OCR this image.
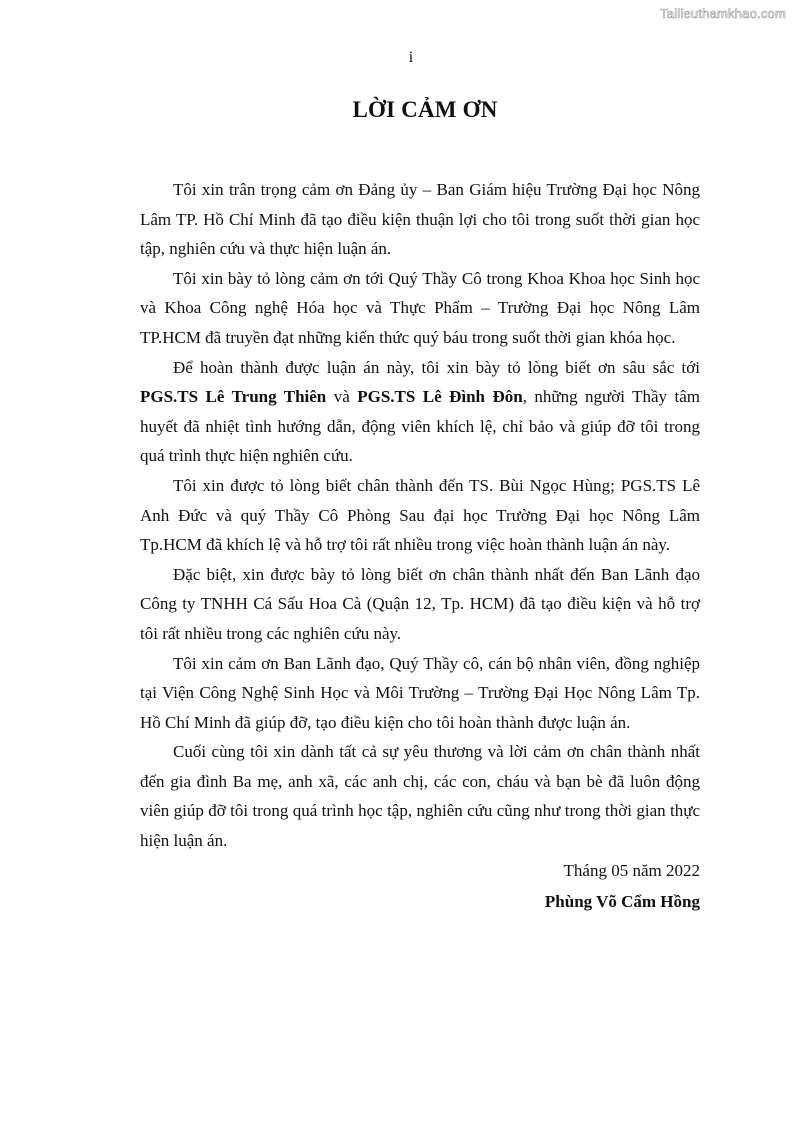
Tailieuthamkhao.com
i
LỜI CẢM ƠN

Tôi xin trân trọng cảm ơn Đảng ủy – Ban Giám hiệu Trường Đại học Nông Lâm TP. Hồ Chí Minh đã tạo điều kiện thuận lợi cho tôi trong suốt thời gian học tập, nghiên cứu và thực hiện luận án.

Tôi xin bày tỏ lòng cảm ơn tới Quý Thầy Cô trong Khoa Khoa học Sinh học và Khoa Công nghệ Hóa học và Thực Phẩm – Trường Đại học Nông Lâm TP.HCM đã truyền đạt những kiến thức quý báu trong suốt thời gian khóa học.

Để hoàn thành được luận án này, tôi xin bày tỏ lòng biết ơn sâu sắc tới PGS.TS Lê Trung Thiên và PGS.TS Lê Đình Đôn, những người Thầy tâm huyết đã nhiệt tình hướng dẫn, động viên khích lệ, chỉ bảo và giúp đỡ tôi trong quá trình thực hiện nghiên cứu.

Tôi xin được tỏ lòng biết chân thành đến TS. Bùi Ngọc Hùng; PGS.TS Lê Anh Đức và quý Thầy Cô Phòng Sau đại học Trường Đại học Nông Lâm Tp.HCM đã khích lệ và hỗ trợ tôi rất nhiều trong việc hoàn thành luận án này.

Đặc biệt, xin được bày tỏ lòng biết ơn chân thành nhất đến Ban Lãnh đạo Công ty TNHH Cá Sấu Hoa Cà (Quận 12, Tp. HCM) đã tạo điều kiện và hỗ trợ tôi rất nhiều trong các nghiên cứu này.

Tôi xin cảm ơn Ban Lãnh đạo, Quý Thầy cô, cán bộ nhân viên, đồng nghiệp tại Viện Công Nghệ Sinh Học và Môi Trường – Trường Đại Học Nông Lâm Tp. Hồ Chí Minh đã giúp đỡ, tạo điều kiện cho tôi hoàn thành được luận án.

Cuối cùng tôi xin dành tất cả sự yêu thương và lời cảm ơn chân thành nhất đến gia đình Ba mẹ, anh xã, các anh chị, các con, cháu và bạn bè đã luôn động viên giúp đỡ tôi trong quá trình học tập, nghiên cứu cũng như trong thời gian thực hiện luận án.

Tháng 05 năm 2022
Phùng Võ Cẩm Hồng
